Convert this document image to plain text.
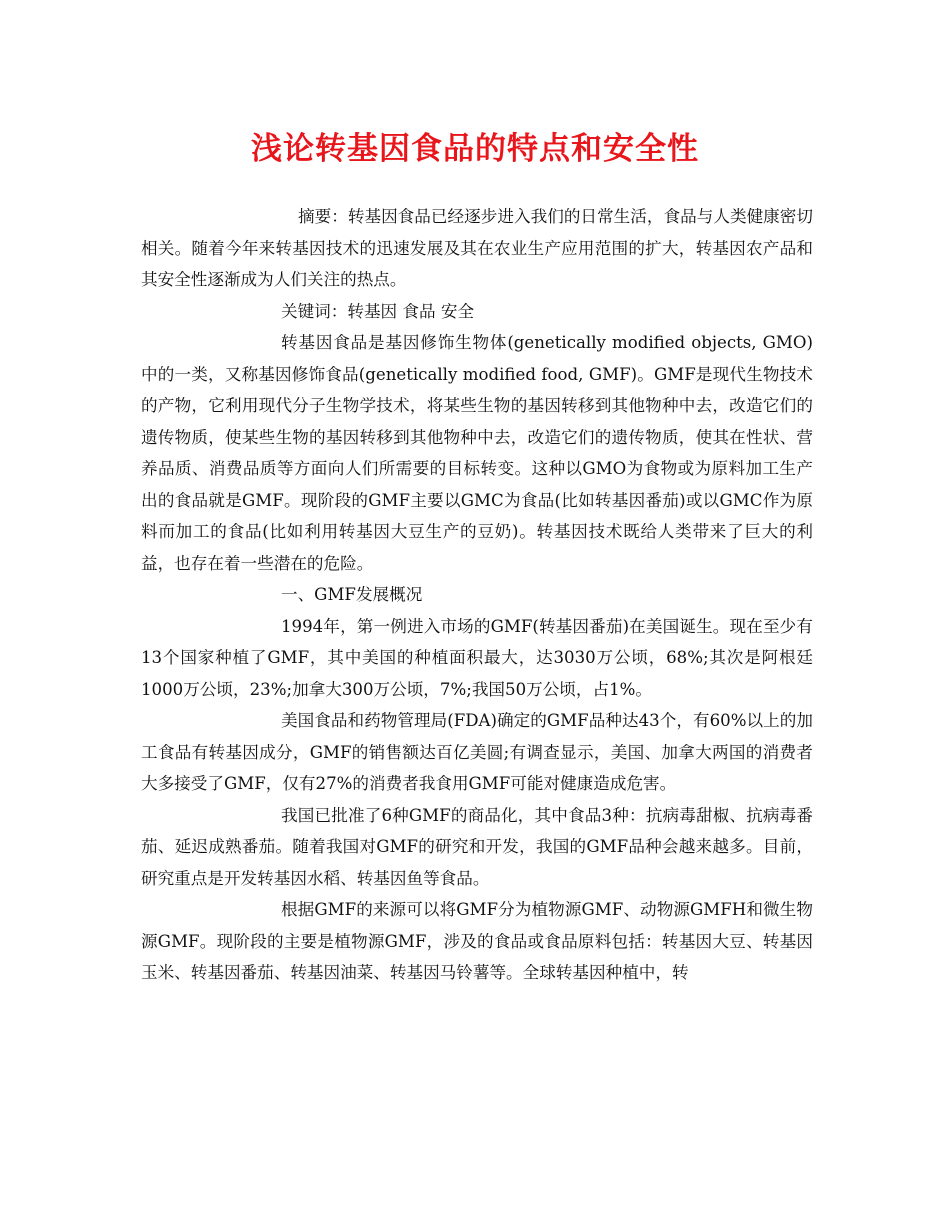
浅论转基因食品的特点和安全性

摘要：转基因食品已经逐步进入我们的日常生活，食品与人类健康密切相关。随着今年来转基因技术的迅速发展及其在农业生产应用范围的扩大，转基因农产品和其安全性逐渐成为人们关注的热点。

关键词：转基因 食品 安全

转基因食品是基因修饰生物体(genetically modified objects, GMO)中的一类，又称基因修饰食品(genetically modified food, GMF)。GMF是现代生物技术的产物，它利用现代分子生物学技术，将某些生物的基因转移到其他物种中去，改造它们的遗传物质，使某些生物的基因转移到其他物种中去，改造它们的遗传物质，使其在性状、营养品质、消费品质等方面向人们所需要的目标转变。这种以GMO为食物或为原料加工生产出的食品就是GMF。现阶段的GMF主要以GMC为食品(比如转基因番茄)或以GMC作为原料而加工的食品(比如利用转基因大豆生产的豆奶)。转基因技术既给人类带来了巨大的利益，也存在着一些潜在的危险。

一、GMF发展概况

1994年，第一例进入市场的GMF(转基因番茄)在美国诞生。现在至少有13个国家种植了GMF，其中美国的种植面积最大，达3030万公顷，68%;其次是阿根廷1000万公顷，23%;加拿大300万公顷，7%;我国50万公顷，占1%。

美国食品和药物管理局(FDA)确定的GMF品种达43个，有60%以上的加工食品有转基因成分，GMF的销售额达百亿美圆;有调查显示，美国、加拿大两国的消费者大多接受了GMF，仅有27%的消费者我食用GMF可能对健康造成危害。

我国已批准了6种GMF的商品化，其中食品3种：抗病毒甜椒、抗病毒番茄、延迟成熟番茄。随着我国对GMF的研究和开发，我国的GMF品种会越来越多。目前，研究重点是开发转基因水稻、转基因鱼等食品。

根据GMF的来源可以将GMF分为植物源GMF、动物源GMFH和微生物源GMF。现阶段的主要是植物源GMF，涉及的食品或食品原料包括：转基因大豆、转基因玉米、转基因番茄、转基因油菜、转基因马铃薯等。全球转基因种植中，转
